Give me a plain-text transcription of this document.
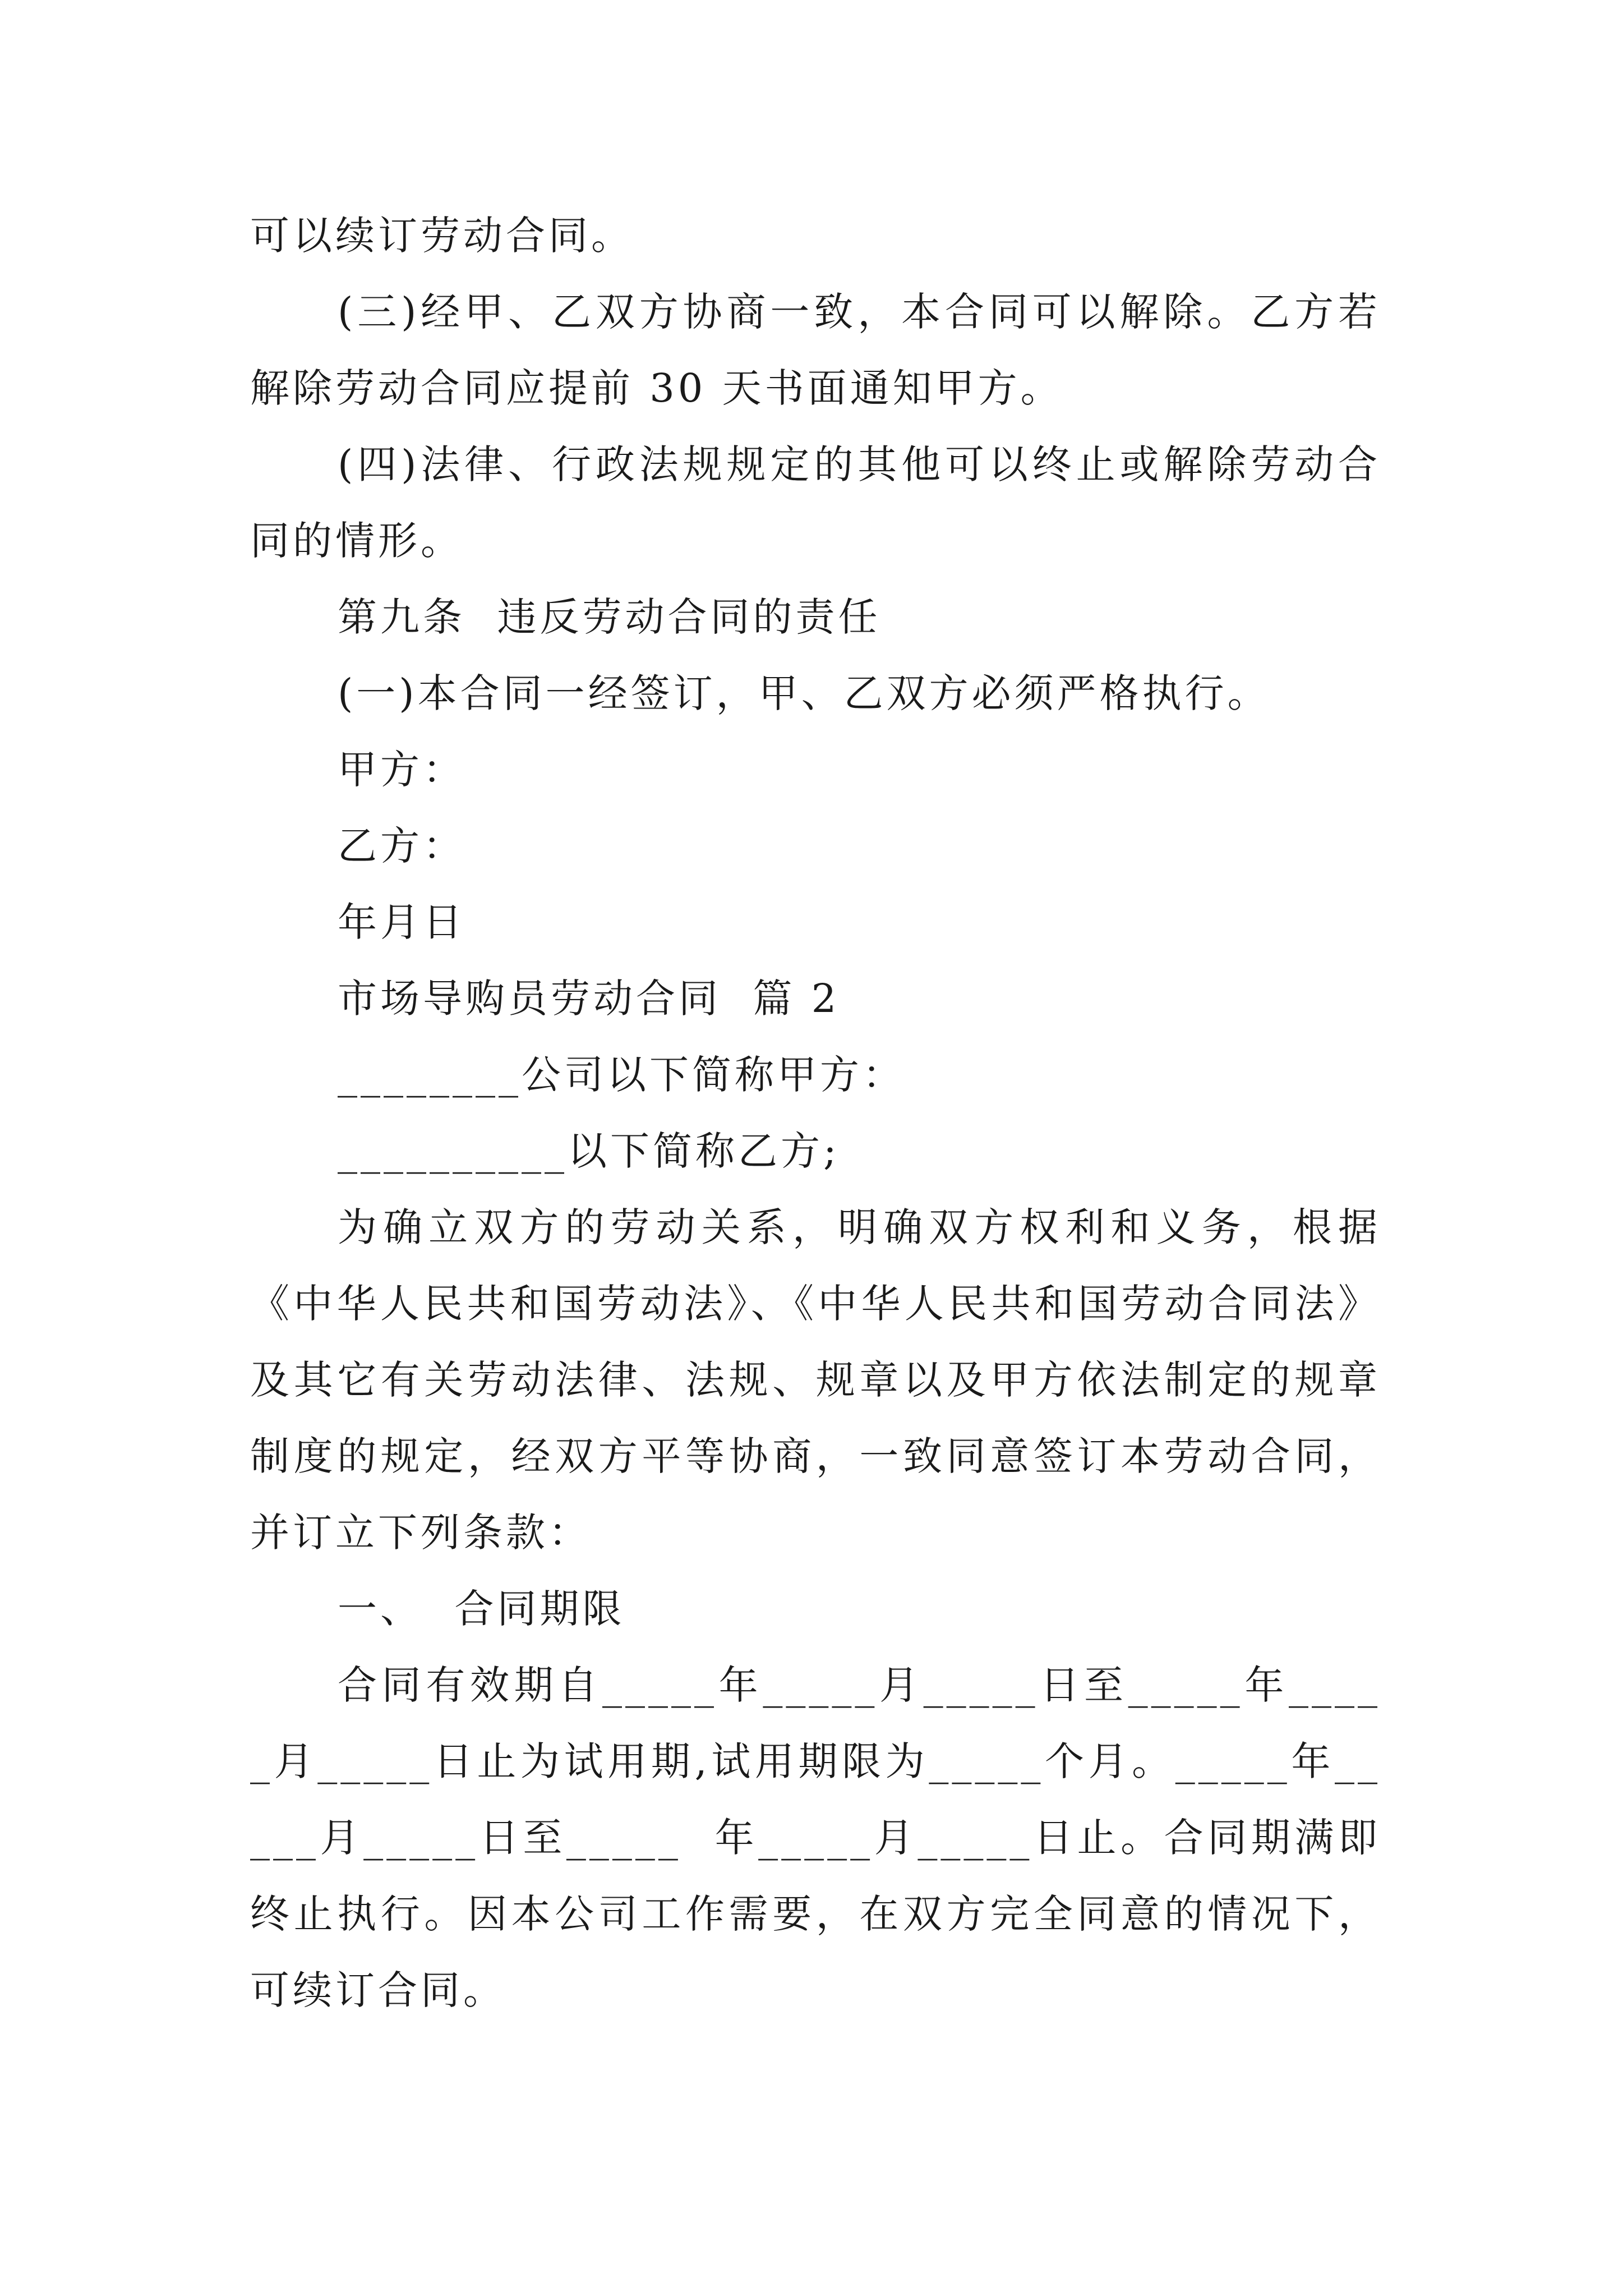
可以续订劳动合同。

(三)经甲、乙双方协商一致，本合同可以解除。乙方若解除劳动合同应提前 30 天书面通知甲方。

(四)法律、行政法规规定的其他可以终止或解除劳动合同的情形。

第九条  违反劳动合同的责任

(一)本合同一经签订，甲、乙双方必须严格执行。

甲方：

乙方：

年月日

市场导购员劳动合同  篇 2

________公司以下简称甲方：

__________以下简称乙方;

为确立双方的劳动关系，明确双方权利和义务，根据《中华人民共和国劳动法》、《中华人民共和国劳动合同法》及其它有关劳动法律、法规、规章以及甲方依法制定的规章制度的规定，经双方平等协商，一致同意签订本劳动合同，并订立下列条款：

一、  合同期限

合同有效期自_____年_____月_____日至_____年_____月_____日止为试用期,试用期限为_____个月。_____年_____月_____日至_____  年_____月_____日止。合同期满即终止执行。因本公司工作需要，在双方完全同意的情况下，可续订合同。
